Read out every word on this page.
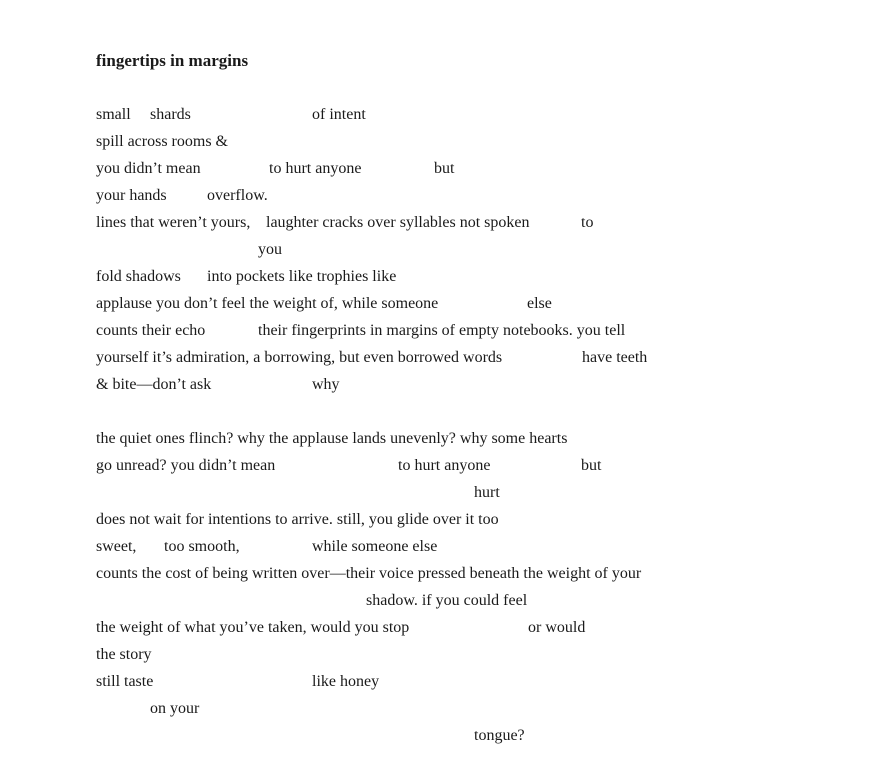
fingertips in margins
small shards	of intent
spill across rooms &
you didn’t mean	to hurt anyone	but
your hands	overflow.
lines that weren’t yours, laughter cracks over syllables not spoken	to
you
fold shadows into pockets like trophies like
applause you don’t feel the weight of, while someone	else
counts their echo	their fingerprints in margins of empty notebooks. you tell
yourself it’s admiration, a borrowing, but even borrowed words	have teeth
& bite—don’t ask	why
the quiet ones flinch? why the applause lands unevenly? why some hearts
go unread? you didn’t mean	to hurt anyone	but
hurt
does not wait for intentions to arrive. still, you glide over it too
sweet, too smooth,	while someone else
counts the cost of being written over—their voice pressed beneath the weight of your
shadow. if you could feel
the weight of what you’ve taken, would you stop	or would
the story
still taste	like honey
on your
tongue?
